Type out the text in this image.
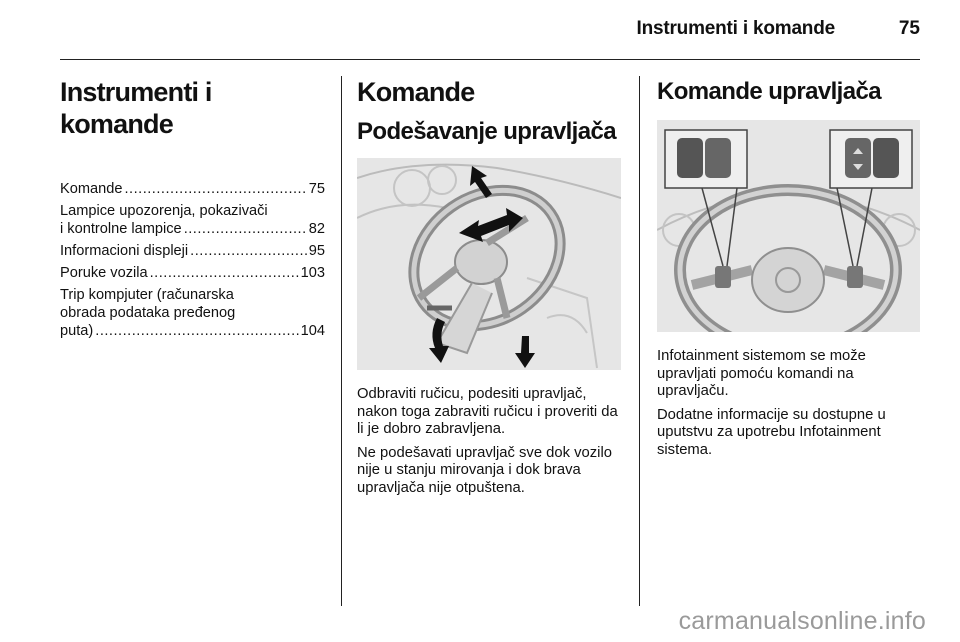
Instrumenti i komande	75
Instrumenti i komande
Komande .....	75
Lampice upozorenja, pokazivači
i kontrolne lampice .....	82
Informacioni displeji .....	95
Poruke vozila .....	103
Trip kompjuter (računarska
obrada podataka pređenog
puta) .....	104
Komande
Podešavanje upravljača

Odbraviti ručicu, podesiti upravljač, nakon toga zabraviti ručicu i proveriti da li je dobro zabravljena.

Ne podešavati upravljač sve dok vozilo nije u stanju mirovanja i dok brava upravljača nije otpuštena.

Komande upravljača

Infotainment sistemom se može upravljati pomoću komandi na upravljaču.

Dodatne informacije su dostupne u uputstvu za upotrebu Infotainment sistema.

carmanualsonline.info
